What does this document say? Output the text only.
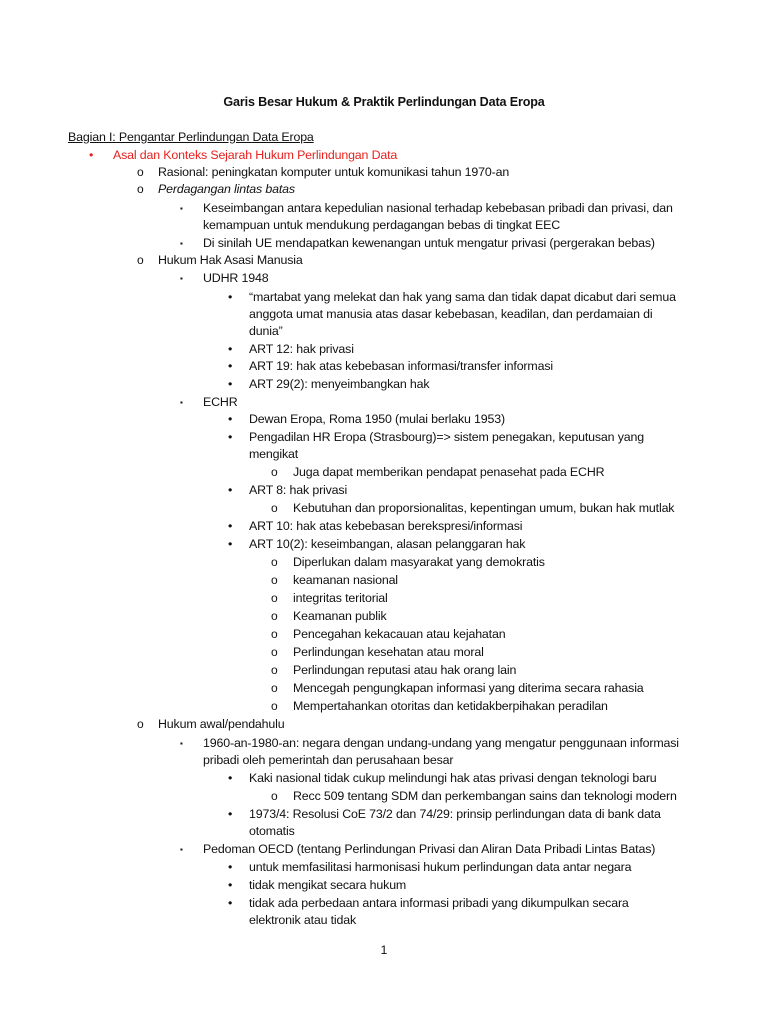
Garis Besar Hukum & Praktik Perlindungan Data Eropa
Bagian I: Pengantar Perlindungan Data Eropa
• Asal dan Konteks Sejarah Hukum Perlindungan Data
o Rasional: peningkatan komputer untuk komunikasi tahun 1970-an
o Perdagangan lintas batas
▪ Keseimbangan antara kepedulian nasional terhadap kebebasan pribadi dan privasi, dan
kemampuan untuk mendukung perdagangan bebas di tingkat EEC
▪ Di sinilah UE mendapatkan kewenangan untuk mengatur privasi (pergerakan bebas)
o Hukum Hak Asasi Manusia
▪ UDHR 1948
• “martabat yang melekat dan hak yang sama dan tidak dapat dicabut dari semua
anggota umat manusia atas dasar kebebasan, keadilan, dan perdamaian di
dunia”
• ART 12: hak privasi
• ART 19: hak atas kebebasan informasi/transfer informasi
• ART 29(2): menyeimbangkan hak
▪ ECHR
• Dewan Eropa, Roma 1950 (mulai berlaku 1953)
• Pengadilan HR Eropa (Strasbourg)=> sistem penegakan, keputusan yang
mengikat
o Juga dapat memberikan pendapat penasehat pada ECHR
• ART 8: hak privasi
o Kebutuhan dan proporsionalitas, kepentingan umum, bukan hak mutlak
• ART 10: hak atas kebebasan berekspresi/informasi
• ART 10(2): keseimbangan, alasan pelanggaran hak
o Diperlukan dalam masyarakat yang demokratis
o keamanan nasional
o integritas teritorial
o Keamanan publik
o Pencegahan kekacauan atau kejahatan
o Perlindungan kesehatan atau moral
o Perlindungan reputasi atau hak orang lain
o Mencegah pengungkapan informasi yang diterima secara rahasia
o Mempertahankan otoritas dan ketidakberpihakan peradilan
o Hukum awal/pendahulu
▪ 1960-an-1980-an: negara dengan undang-undang yang mengatur penggunaan informasi
pribadi oleh pemerintah dan perusahaan besar
• Kaki nasional tidak cukup melindungi hak atas privasi dengan teknologi baru
o Recc 509 tentang SDM dan perkembangan sains dan teknologi modern
• 1973/4: Resolusi CoE 73/2 dan 74/29: prinsip perlindungan data di bank data
otomatis
▪ Pedoman OECD (tentang Perlindungan Privasi dan Aliran Data Pribadi Lintas Batas)
• untuk memfasilitasi harmonisasi hukum perlindungan data antar negara
• tidak mengikat secara hukum
• tidak ada perbedaan antara informasi pribadi yang dikumpulkan secara
elektronik atau tidak
1
